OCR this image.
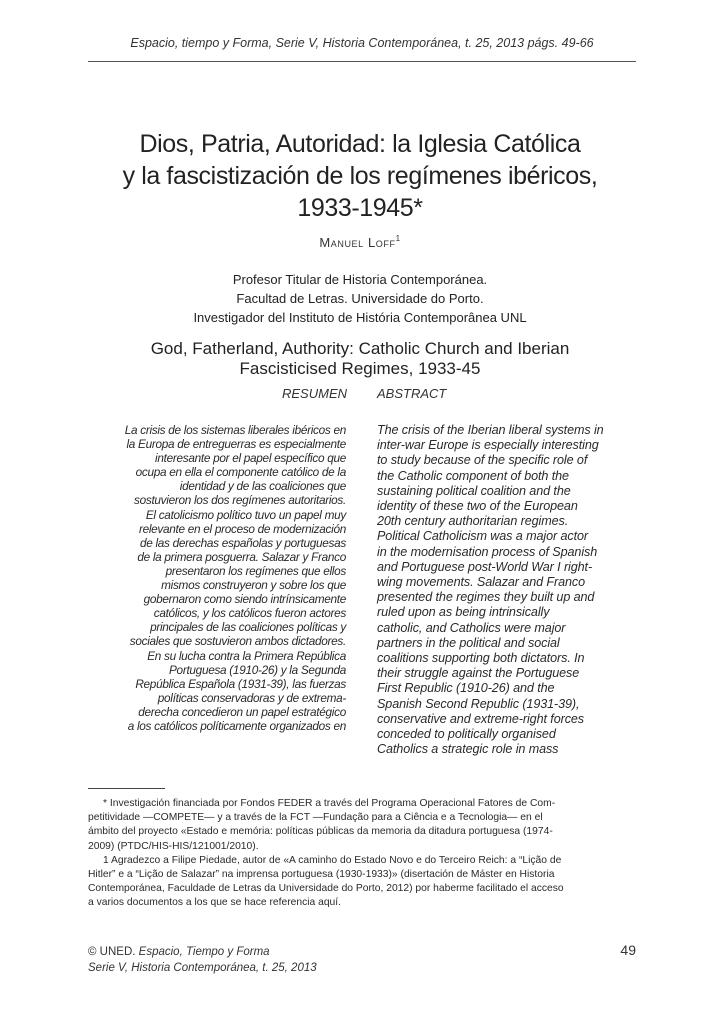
Espacio, tiempo y Forma, Serie V, Historia Contemporánea, t. 25, 2013 págs. 49-66
Dios, Patria, Autoridad: la Iglesia Católica
y la fascistización de los regímenes ibéricos,
1933-1945*
Manuel Loff$^1$
Profesor Titular de Historia Contemporánea.
Facultad de Letras. Universidade do Porto.
Investigador del Instituto de História Contemporânea UNL
God, Fatherland, Authority: Catholic Church and Iberian
Fascisticised Regimes, 1933-45
RESUMEN ABSTRACT
La crisis de los sistemas liberales ibéricos en
la Europa de entreguerras es especialmente
interesante por el papel específico que
ocupa en ella el componente católico de la
identidad y de las coaliciones que
sostuvieron los dos regímenes autoritarios.
El catolicismo político tuvo un papel muy
relevante en el proceso de modernización
de las derechas españolas y portuguesas
de la primera posguerra. Salazar y Franco
presentaron los regímenes que ellos
mismos construyeron y sobre los que
gobernaron como siendo intrínsicamente
católicos, y los católicos fueron actores
principales de las coaliciones políticas y
sociales que sostuvieron ambos dictadores.
En su lucha contra la Primera República
Portuguesa (1910-26) y la Segunda
República Española (1931-39), las fuerzas
políticas conservadoras y de extrema-
derecha concedieron un papel estratégico
a los católicos políticamente organizados en
The crisis of the Iberian liberal systems in
inter-war Europe is especially interesting
to study because of the specific role of
the Catholic component of both the
sustaining political coalition and the
identity of these two of the European
20th century authoritarian regimes.
Political Catholicism was a major actor
in the modernisation process of Spanish
and Portuguese post-World War I right-
wing movements. Salazar and Franco
presented the regimes they built up and
ruled upon as being intrinsically
catholic, and Catholics were major
partners in the political and social
coalitions supporting both dictators. In
their struggle against the Portuguese
First Republic (1910-26) and the
Spanish Second Republic (1931-39),
conservative and extreme-right forces
conceded to politically organised
Catholics a strategic role in mass
* Investigación financiada por Fondos FEDER a través del Programa Operacional Fatores de Com-
petitividade —COMPETE— y a través de la FCT —Fundação para a Ciência e a Tecnologia— en el
ámbito del proyecto «Estado e memória: políticas públicas da memoria da ditadura portuguesa (1974-
2009) (PTDC/HIS-HIS/121001/2010).
1 Agradezco a Filipe Piedade, autor de «A caminho do Estado Novo e do Terceiro Reich: a “Lição de
Hitler” e a “Lição de Salazar” na imprensa portuguesa (1930-1933)» (disertación de Máster en Historia
Contemporánea, Faculdade de Letras da Universidade do Porto, 2012) por haberme facilitado el acceso
a varios documentos a los que se hace referencia aquí.
© UNED. Espacio, Tiempo y Forma
Serie V, Historia Contemporánea, t. 25, 2013
49
